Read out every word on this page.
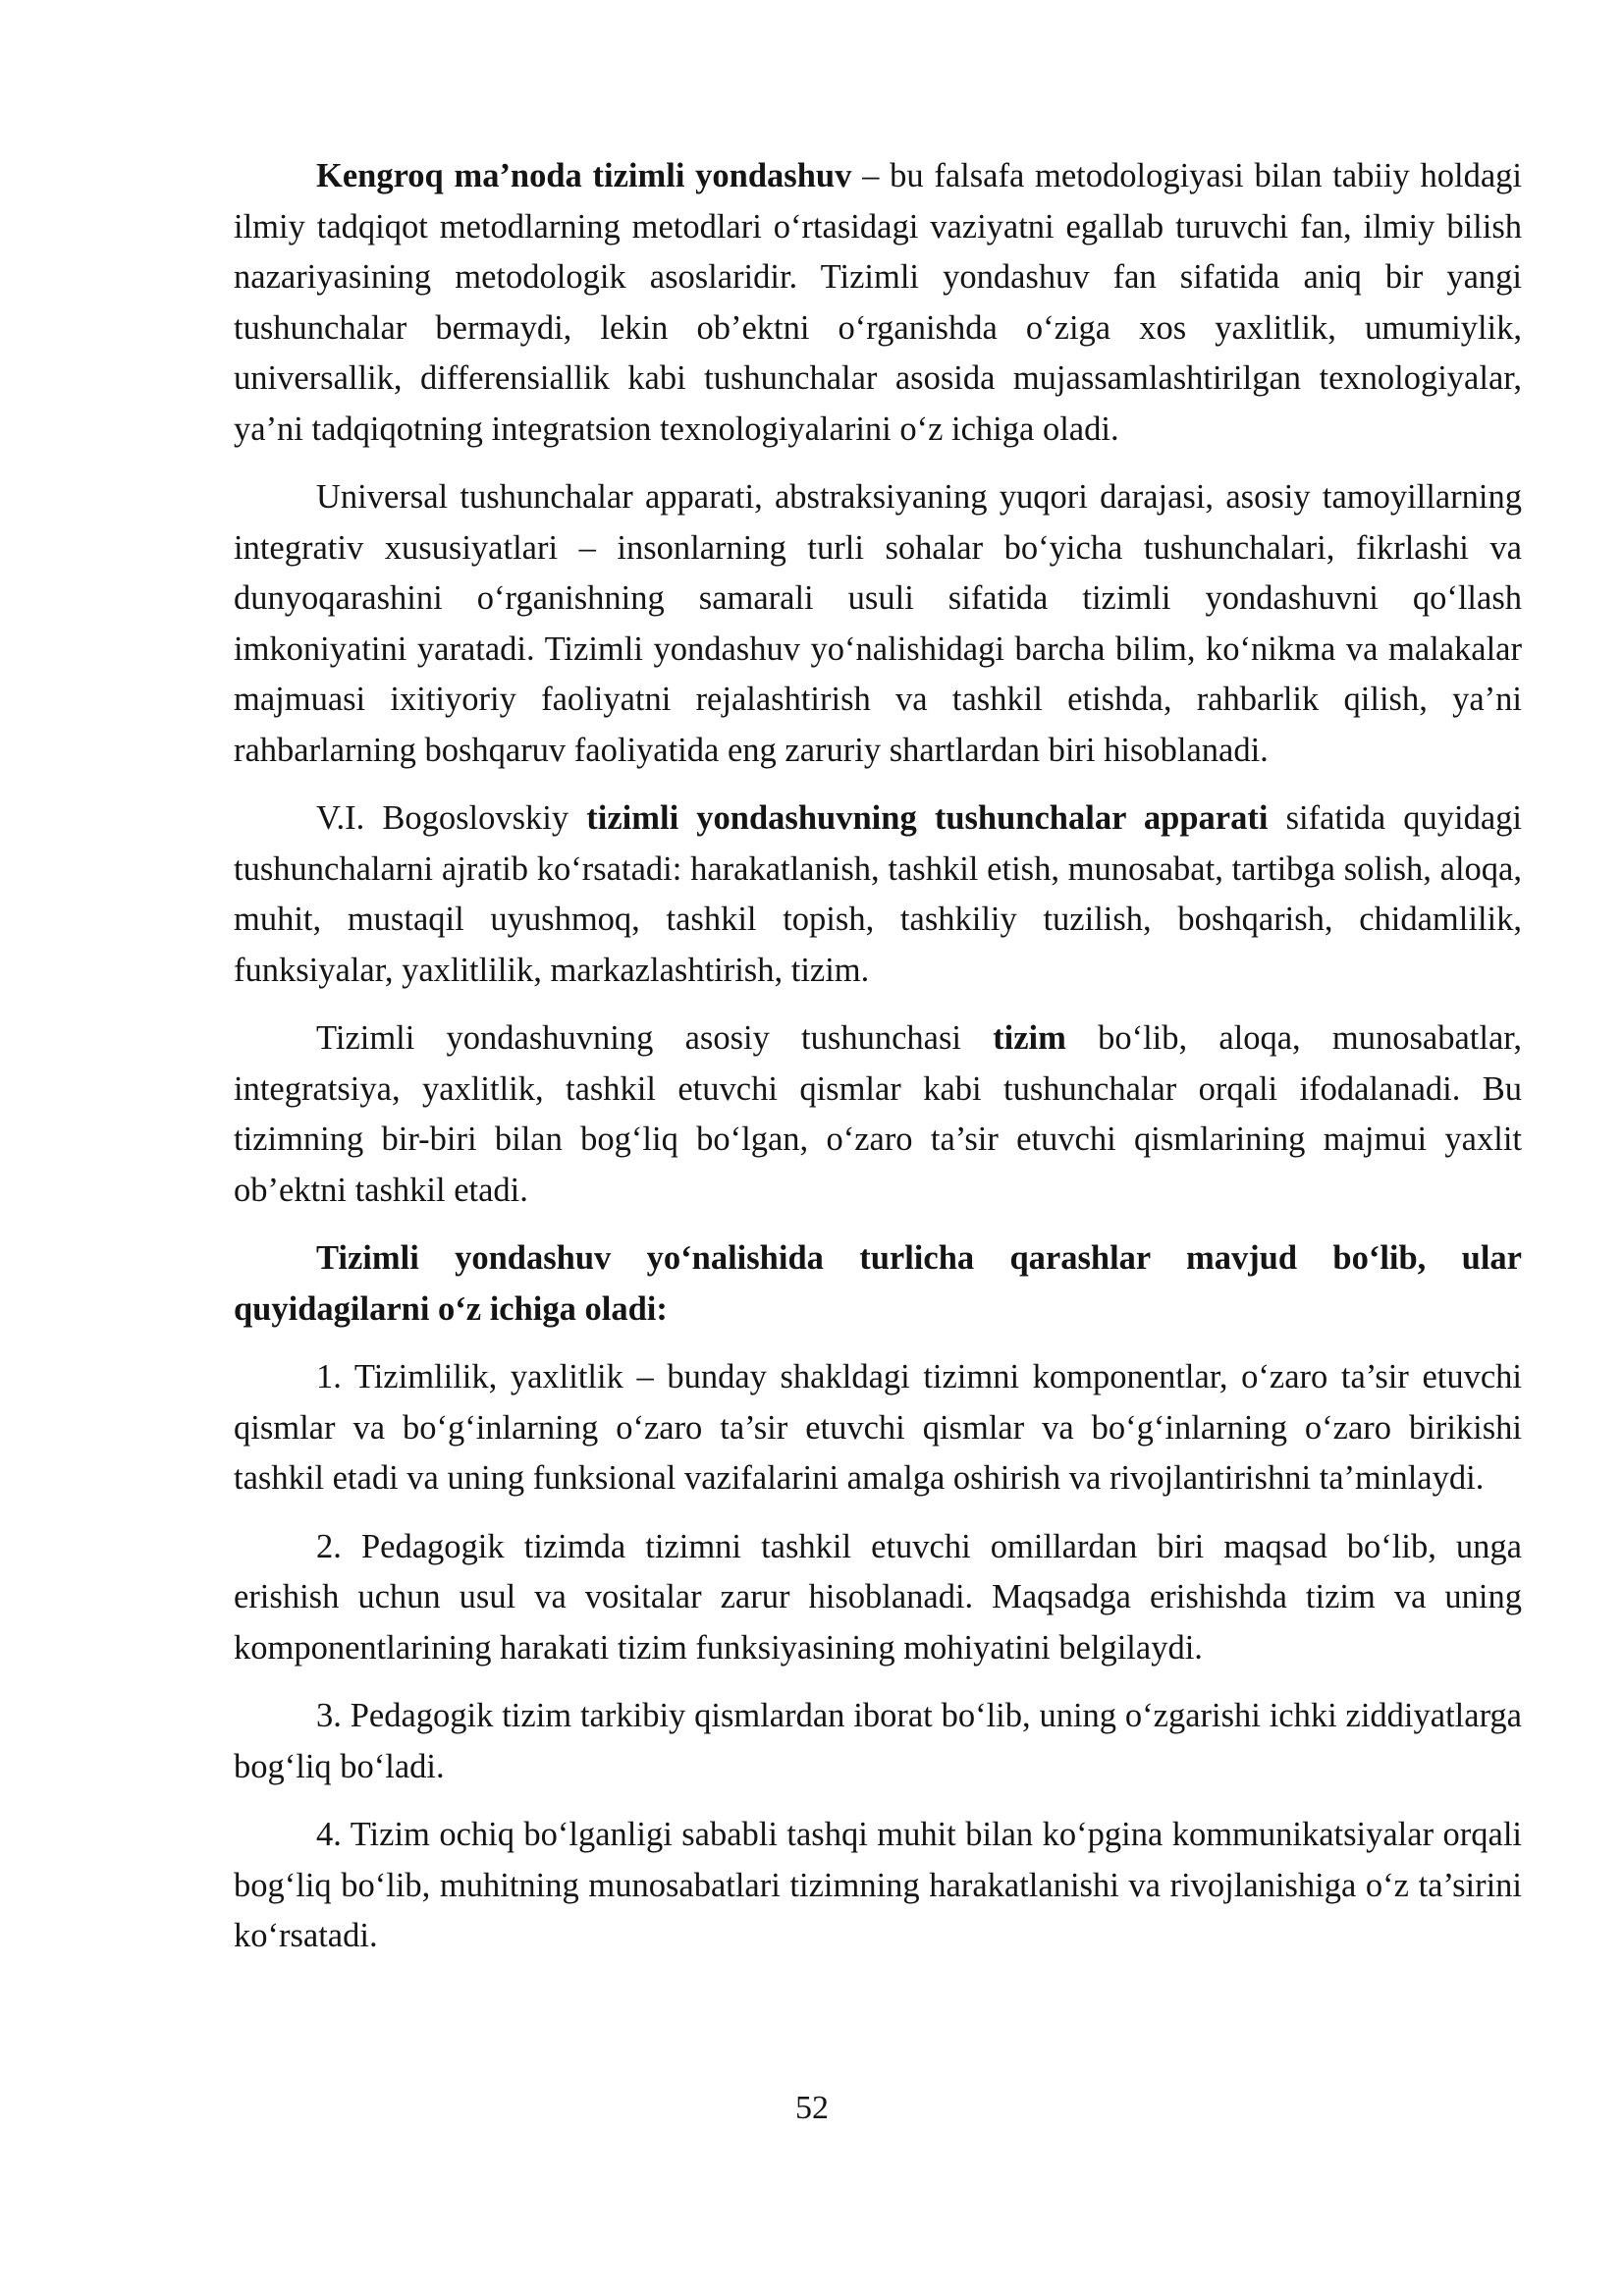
Kengroq ma’noda tizimli yondashuv – bu falsafa metodologiyasi bilan tabiiy holdagi ilmiy tadqiqot metodlarning metodlari o‘rtasidagi vaziyatni egallab turuvchi fan, ilmiy bilish nazariyasining metodologik asoslaridir. Tizimli yondashuv fan sifatida aniq bir yangi tushunchalar bermaydi, lekin ob’ektni o‘rganishda o‘ziga xos yaxlitlik, umumiylik, universallik, differensiallik kabi tushunchalar asosida mujassamlashtirilgan texnologiyalar, ya’ni tadqiqotning integratsion texnologiyalarini o‘z ichiga oladi.

Universal tushunchalar apparati, abstraksiyaning yuqori darajasi, asosiy tamoyillarning integrativ xususiyatlari – insonlarning turli sohalar bo‘yicha tushunchalari, fikrlashi va dunyoqarashini o‘rganishning samarali usuli sifatida tizimli yondashuvni qo‘llash imkoniyatini yaratadi. Tizimli yondashuv yo‘nalishidagi barcha bilim, ko‘nikma va malakalar majmuasi ixitiyoriy faoliyatni rejalashtirish va tashkil etishda, rahbarlik qilish, ya’ni rahbarlarning boshqaruv faoliyatida eng zaruriy shartlardan biri hisoblanadi.

V.I. Bogoslovskiy tizimli yondashuvning tushunchalar apparati sifatida quyidagi tushunchalarni ajratib ko‘rsatadi: harakatlanish, tashkil etish, munosabat, tartibga solish, aloqa, muhit, mustaqil uyushmoq, tashkil topish, tashkiliy tuzilish, boshqarish, chidamlilik, funksiyalar, yaxlitlilik, markazlashtirish, tizim.

Tizimli yondashuvning asosiy tushunchasi tizim bo‘lib, aloqa, munosabatlar, integratsiya, yaxlitlik, tashkil etuvchi qismlar kabi tushunchalar orqali ifodalanadi. Bu tizimning bir-biri bilan bog‘liq bo‘lgan, o‘zaro ta’sir etuvchi qismlarining majmui yaxlit ob’ektni tashkil etadi.

Tizimli yondashuv yo‘nalishida turlicha qarashlar mavjud bo‘lib, ular quyidagilarni o‘z ichiga oladi:

1. Tizimlilik, yaxlitlik – bunday shakldagi tizimni komponentlar, o‘zaro ta’sir etuvchi qismlar va bo‘g‘inlarning o‘zaro ta’sir etuvchi qismlar va bo‘g‘inlarning o‘zaro birikishi tashkil etadi va uning funksional vazifalarini amalga oshirish va rivojlantirishni ta’minlaydi.

2. Pedagogik tizimda tizimni tashkil etuvchi omillardan biri maqsad bo‘lib, unga erishish uchun usul va vositalar zarur hisoblanadi. Maqsadga erishishda tizim va uning komponentlarining harakati tizim funksiyasining mohiyatini belgilaydi.

3. Pedagogik tizim tarkibiy qismlardan iborat bo‘lib, uning o‘zgarishi ichki ziddiyatlarga bog‘liq bo‘ladi.

4. Tizim ochiq bo‘lganligi sababli tashqi muhit bilan ko‘pgina kommunikatsiyalar orqali bog‘liq bo‘lib, muhitning munosabatlari tizimning harakatlanishi va rivojlanishiga o‘z ta’sirini ko‘rsatadi.

52
